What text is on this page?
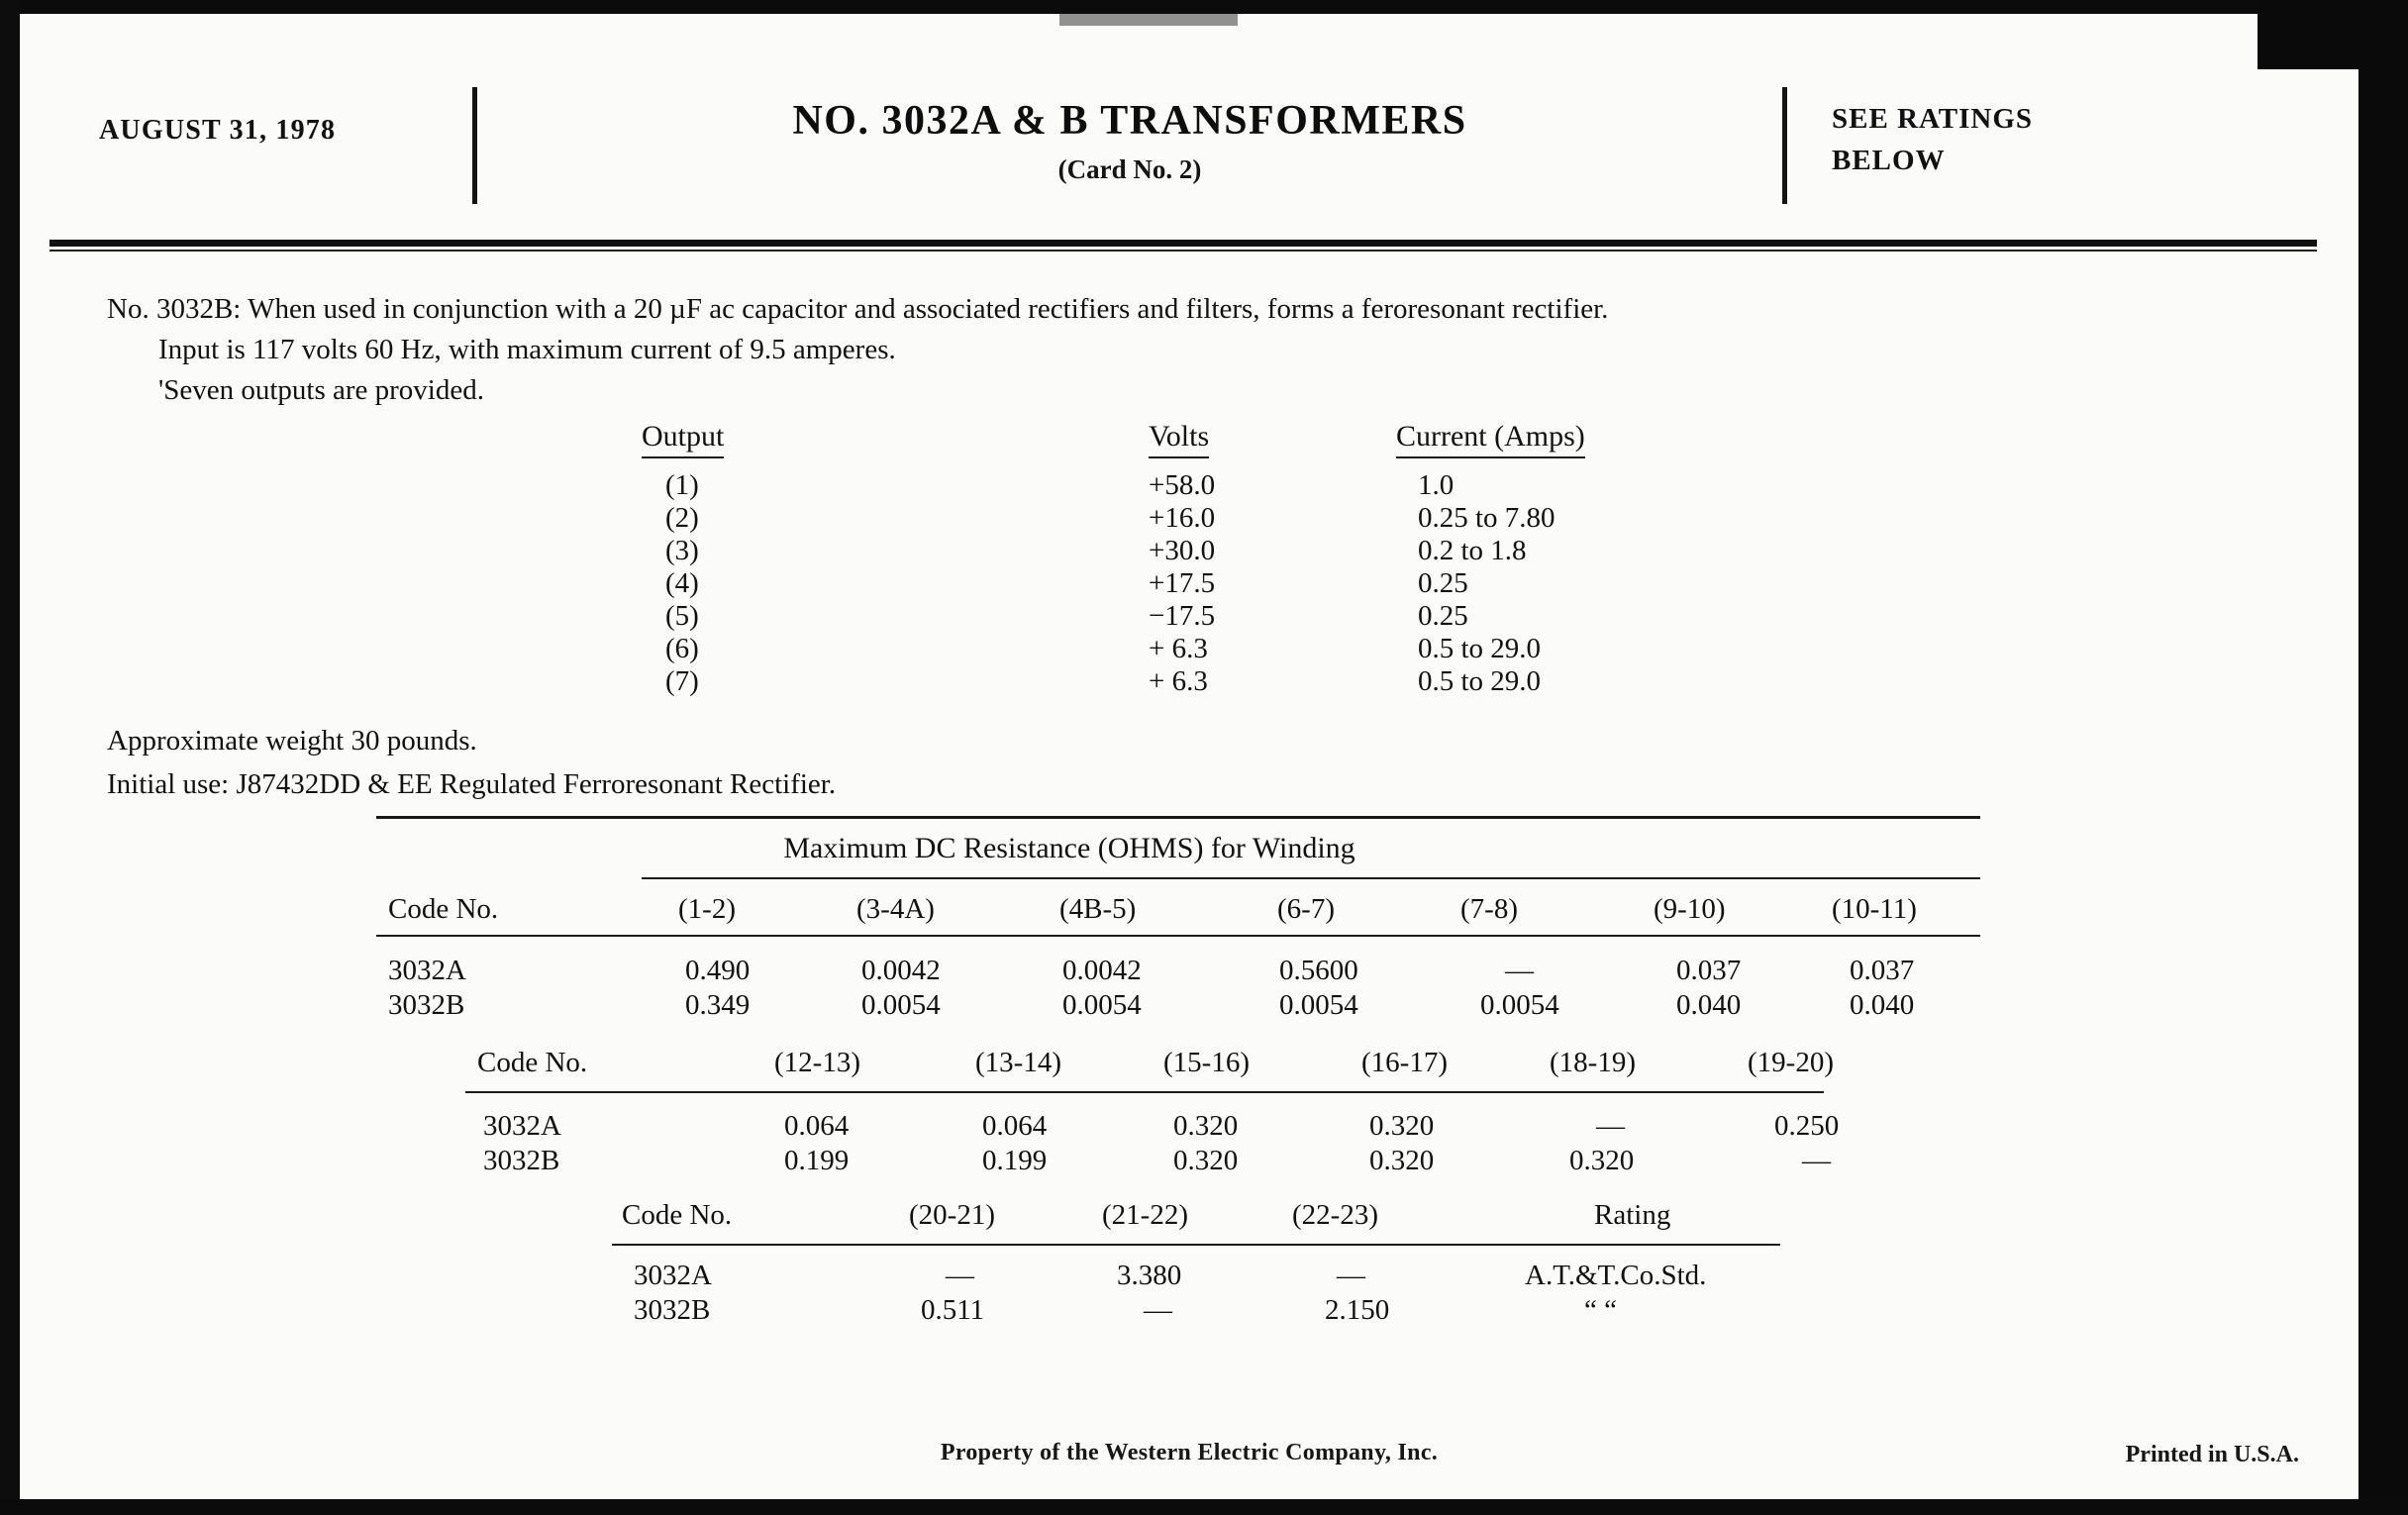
AUGUST 31, 1978	NO. 3032A & B TRANSFORMERS
(Card No. 2)
SEE RATINGS
BELOW
No. 3032B: When used in conjunction with a 20 µF ac capacitor and associated rectifiers and filters, forms a feroresonant rectifier.
Input is 117 volts 60 Hz, with maximum current of 9.5 amperes.
'Seven outputs are provided.
Output	Volts	Current (Amps)
(1)	+58.0	1.0
(2)	+16.0	0.25 to 7.80
(3)	+30.0	0.2 to 1.8
(4)	+17.5	0.25
(5)	−17.5	0.25
(6)	+ 6.3	0.5 to 29.0
(7)	+ 6.3	0.5 to 29.0
Approximate weight 30 pounds.
Initial use: J87432DD & EE Regulated Ferroresonant Rectifier.
Maximum DC Resistance (OHMS) for Winding
Code No.	(1-2)	(3-4A)	(4B-5)	(6-7)	(7-8)	(9-10)	(10-11)
3032A	0.490	0.0042	0.0042	0.5600	—	0.037	0.037
3032B	0.349	0.0054	0.0054	0.0054	0.0054	0.040	0.040
Code No.	(12-13)	(13-14)	(15-16)	(16-17)	(18-19)	(19-20)
3032A	0.064	0.064	0.320	0.320	—	0.250
3032B	0.199	0.199	0.320	0.320	0.320	—
Code No.	(20-21)	(21-22)	(22-23)	Rating
3032A	—	3.380	—	A.T.&T.Co.Std.
3032B	0.511	—	2.150	“ “
Property of the Western Electric Company, Inc.	Printed in U.S.A.
